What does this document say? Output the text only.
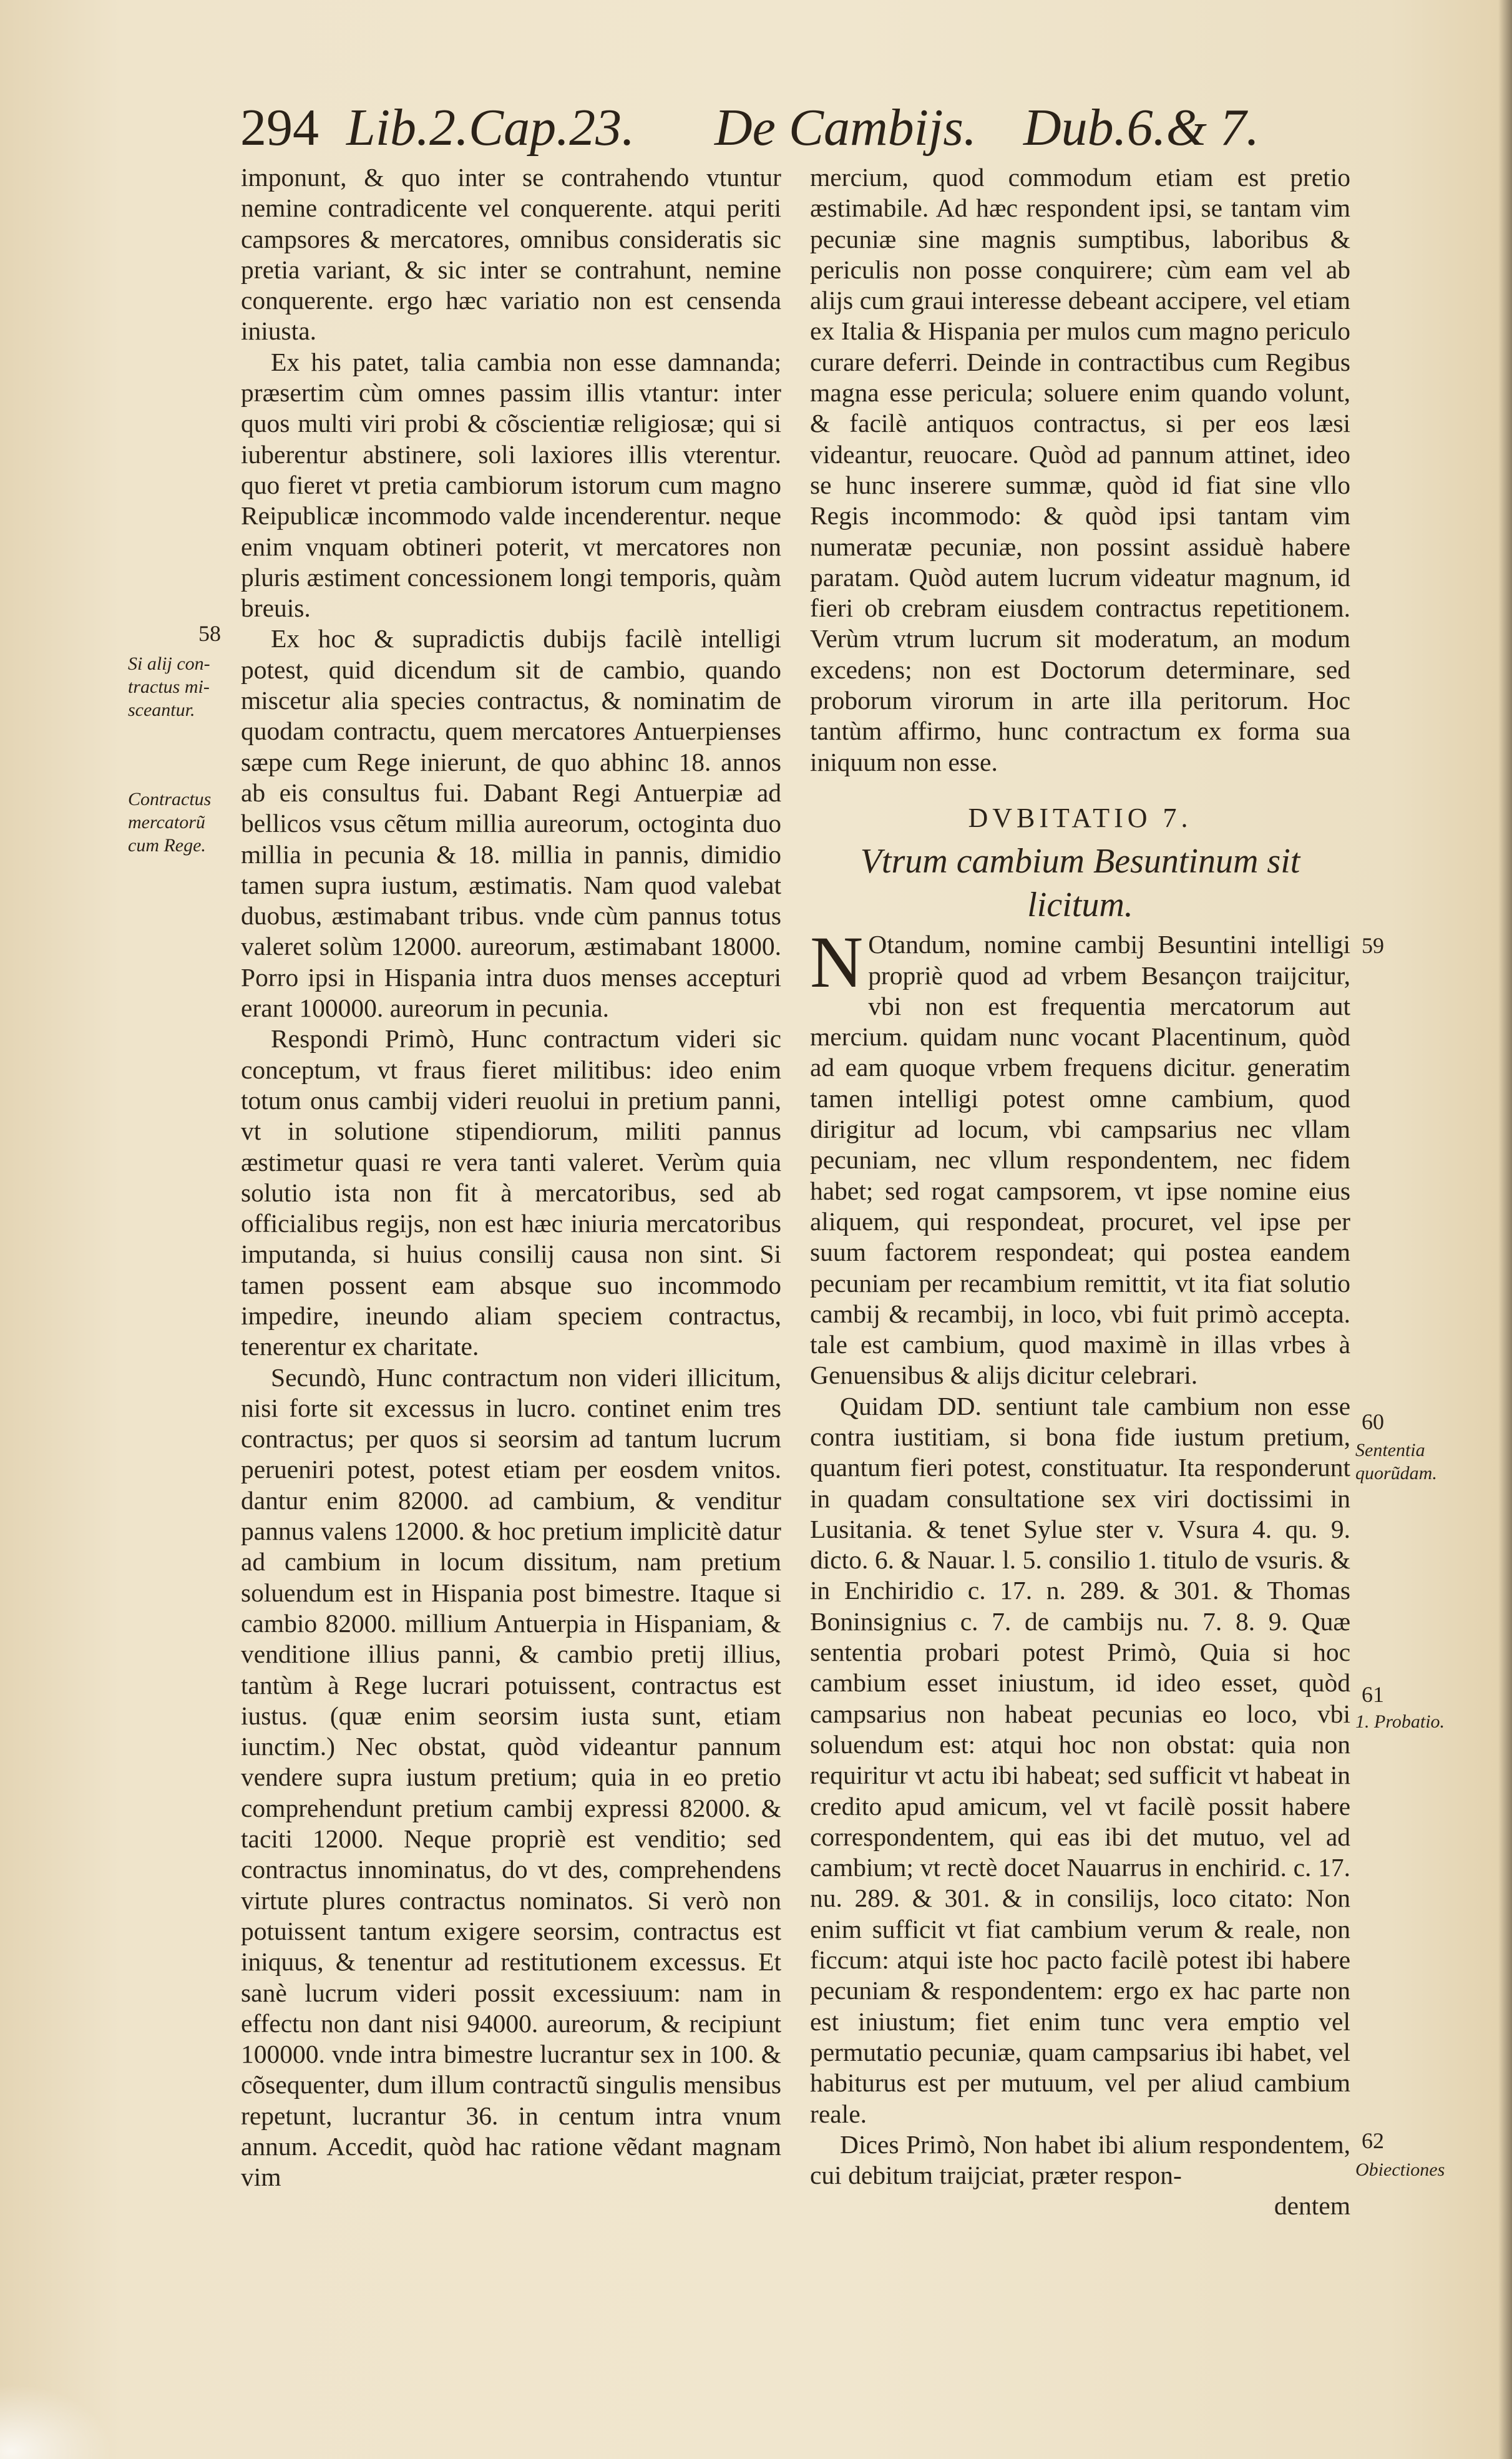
294 Lib.2.Cap.23. De Cambijs. Dub.6.& 7.

imponunt, & quo inter se contrahendo vtuntur nemine contradicente vel conquerente. atqui periti campsores & mercatores, omnibus consideratis sic pretia variant, & sic inter se contrahunt, nemine conquerente. ergo hæc variatio non est censenda iniusta.

Ex his patet, talia cambia non esse damnanda; præsertim cùm omnes passim illis vtantur: inter quos multi viri probi & cõscientiæ religiosæ; qui si iuberentur abstinere, soli laxiores illis vterentur. quo fieret vt pretia cambiorum istorum cum magno Reipublicæ incommodo valde incenderentur. neque enim vnquam obtineri poterit, vt mercatores non pluris æstiment concessionem longi temporis, quàm breuis.

Ex hoc & supradictis dubijs facilè intelligi potest, quid dicendum sit de cambio, quando miscetur alia species contractus, & nominatim de quodam contractu, quem mercatores Antuerpienses sæpe cum Rege inierunt, de quo abhinc 18. annos ab eis consultus fui. Dabant Regi Antuerpiæ ad bellicos vsus cẽtum millia aureorum, octoginta duo millia in pecunia & 18. millia in pannis, dimidio tamen supra iustum, æstimatis. Nam quod valebat duobus, æstimabant tribus. vnde cùm pannus totus valeret solùm 12000. aureorum, æstimabant 18000. Porro ipsi in Hispania intra duos menses accepturi erant 100000. aureorum in pecunia.

Respondi Primò, Hunc contractum videri sic conceptum, vt fraus fieret militibus: ideo enim totum onus cambij videri reuolui in pretium panni, vt in solutione stipendiorum, militi pannus æstimetur quasi re vera tanti valeret. Verùm quia solutio ista non fit à mercatoribus, sed ab officialibus regijs, non est hæc iniuria mercatoribus imputanda, si huius consilij causa non sint. Si tamen possent eam absque suo incommodo impedire, ineundo aliam speciem contractus, tenerentur ex charitate.

Secundò, Hunc contractum non videri illicitum, nisi forte sit excessus in lucro. continet enim tres contractus; per quos si seorsim ad tantum lucrum perueniri potest, potest etiam per eosdem vnitos. dantur enim 82000. ad cambium, & venditur pannus valens 12000. & hoc pretium implicitè datur ad cambium in locum dissitum, nam pretium soluendum est in Hispania post bimestre. Itaque si cambio 82000. millium Antuerpia in Hispaniam, & venditione illius panni, & cambio pretij illius, tantùm à Rege lucrari potuissent, contractus est iustus. (quæ enim seorsim iusta sunt, etiam iunctim.) Nec obstat, quòd videantur pannum vendere supra iustum pretium; quia in eo pretio comprehendunt pretium cambij expressi 82000. & taciti 12000. Neque propriè est venditio; sed contractus innominatus, do vt des, comprehendens virtute plures contractus nominatos. Si verò non potuissent tantum exigere seorsim, contractus est iniquus, & tenentur ad restitutionem excessus. Et sanè lucrum videri possit excessiuum: nam in effectu non dant nisi 94000. aureorum, & recipiunt 100000. vnde intra bimestre lucrantur sex in 100. & cõsequenter, dum illum contractũ singulis mensibus repetunt, lucrantur 36. in centum intra vnum annum. Accedit, quòd hac ratione vẽdant magnam vim

mercium, quod commodum etiam est pretio æstimabile. Ad hæc respondent ipsi, se tantam vim pecuniæ sine magnis sumptibus, laboribus & periculis non posse conquirere; cùm eam vel ab alijs cum graui interesse debeant accipere, vel etiam ex Italia & Hispania per mulos cum magno periculo curare deferri. Deinde in contractibus cum Regibus magna esse pericula; soluere enim quando volunt, & facilè antiquos contractus, si per eos læsi videantur, reuocare. Quòd ad pannum attinet, ideo se hunc inserere summæ, quòd id fiat sine vllo Regis incommodo: & quòd ipsi tantam vim numeratæ pecuniæ, non possint assiduè habere paratam. Quòd autem lucrum videatur magnum, id fieri ob crebram eiusdem contractus repetitionem. Verùm vtrum lucrum sit moderatum, an modum excedens; non est Doctorum determinare, sed proborum virorum in arte illa peritorum. Hoc tantùm affirmo, hunc contractum ex forma sua iniquum non esse.

DVBITATIO 7.
Vtrum cambium Besuntinum sit licitum.

N Otandum, nomine cambij Besuntini intelligi propriè quod ad vrbem Besançon traijcitur, vbi non est frequentia mercatorum aut mercium. quidam nunc vocant Placentinum, quòd ad eam quoque vrbem frequens dicitur. generatim tamen intelligi potest omne cambium, quod dirigitur ad locum, vbi campsarius nec vllam pecuniam, nec vllum respondentem, nec fidem habet; sed rogat campsorem, vt ipse nomine eius aliquem, qui respondeat, procuret, vel ipse per suum factorem respondeat; qui postea eandem pecuniam per recambium remittit, vt ita fiat solutio cambij & recambij, in loco, vbi fuit primò accepta. tale est cambium, quod maximè in illas vrbes à Genuensibus & alijs dicitur celebrari.

Quidam DD. sentiunt tale cambium non esse contra iustitiam, si bona fide iustum pretium, quantum fieri potest, constituatur. Ita responderunt in quadam consultatione sex viri doctissimi in Lusitania. & tenet Sylue ster v. Vsura 4. qu. 9. dicto. 6. & Nauar. l. 5. consilio 1. titulo de vsuris. & in Enchiridio c. 17. n. 289. & 301. & Thomas Boninsignius c. 7. de cambijs nu. 7. 8. 9. Quæ sententia probari potest Primò, Quia si hoc cambium esset iniustum, id ideo esset, quòd campsarius non habeat pecunias eo loco, vbi soluendum est: atqui hoc non obstat: quia non requiritur vt actu ibi habeat; sed sufficit vt habeat in credito apud amicum, vel vt facilè possit habere correspondentem, qui eas ibi det mutuo, vel ad cambium; vt rectè docet Nauarrus in enchirid. c. 17. nu. 289. & 301. & in consilijs, loco citato: Non enim sufficit vt fiat cambium verum & reale, non ficcum: atqui iste hoc pacto facilè potest ibi habere pecuniam & respondentem: ergo ex hac parte non est iniustum; fiet enim tunc vera emptio vel permutatio pecuniæ, quam campsarius ibi habet, vel habiturus est per mutuum, vel per aliud cambium reale.

Dices Primò, Non habet ibi alium respondentem, cui debitum traijciat, præter respon-

dentem
58
Si alij con-
tractus mi-
sceantur.
Contractus
mercatorũ
cum Rege.
59
60
Sententia
quorũdam.
61
1. Probatio.
62
Obiectiones
